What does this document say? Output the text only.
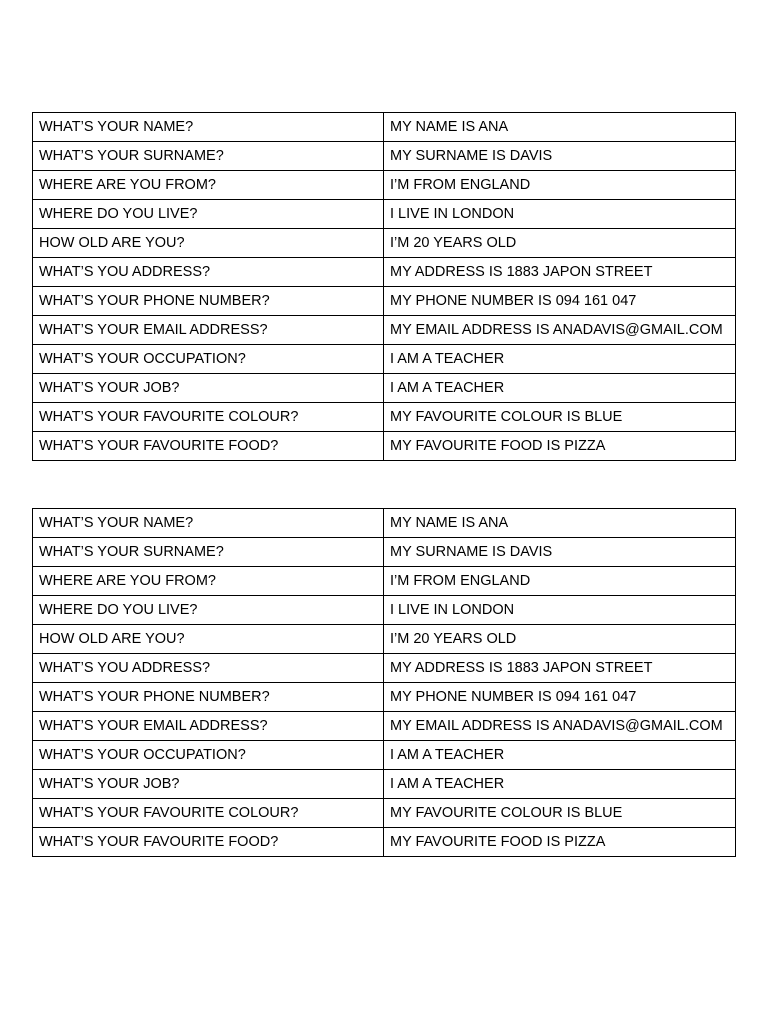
WHAT’S YOUR NAME?	MY NAME IS ANA
WHAT’S YOUR SURNAME?	MY SURNAME IS DAVIS
WHERE ARE YOU FROM?	I’M FROM ENGLAND
WHERE DO YOU LIVE?	I LIVE IN LONDON
HOW OLD ARE YOU?	I’M 20 YEARS OLD
WHAT’S YOU ADDRESS?	MY ADDRESS IS 1883 JAPON STREET
WHAT’S YOUR PHONE NUMBER?	MY PHONE NUMBER IS 094 161 047
WHAT’S YOUR EMAIL ADDRESS?	MY EMAIL ADDRESS IS ANADAVIS@GMAIL.COM
WHAT’S YOUR OCCUPATION?	I AM A TEACHER
WHAT’S YOUR JOB?	I AM A TEACHER
WHAT’S YOUR FAVOURITE COLOUR?	MY FAVOURITE COLOUR IS BLUE
WHAT’S YOUR FAVOURITE FOOD?	MY FAVOURITE FOOD IS PIZZA
WHAT’S YOUR NAME?	MY NAME IS ANA
WHAT’S YOUR SURNAME?	MY SURNAME IS DAVIS
WHERE ARE YOU FROM?	I’M FROM ENGLAND
WHERE DO YOU LIVE?	I LIVE IN LONDON
HOW OLD ARE YOU?	I’M 20 YEARS OLD
WHAT’S YOU ADDRESS?	MY ADDRESS IS 1883 JAPON STREET
WHAT’S YOUR PHONE NUMBER?	MY PHONE NUMBER IS 094 161 047
WHAT’S YOUR EMAIL ADDRESS?	MY EMAIL ADDRESS IS ANADAVIS@GMAIL.COM
WHAT’S YOUR OCCUPATION?	I AM A TEACHER
WHAT’S YOUR JOB?	I AM A TEACHER
WHAT’S YOUR FAVOURITE COLOUR?	MY FAVOURITE COLOUR IS BLUE
WHAT’S YOUR FAVOURITE FOOD?	MY FAVOURITE FOOD IS PIZZA
